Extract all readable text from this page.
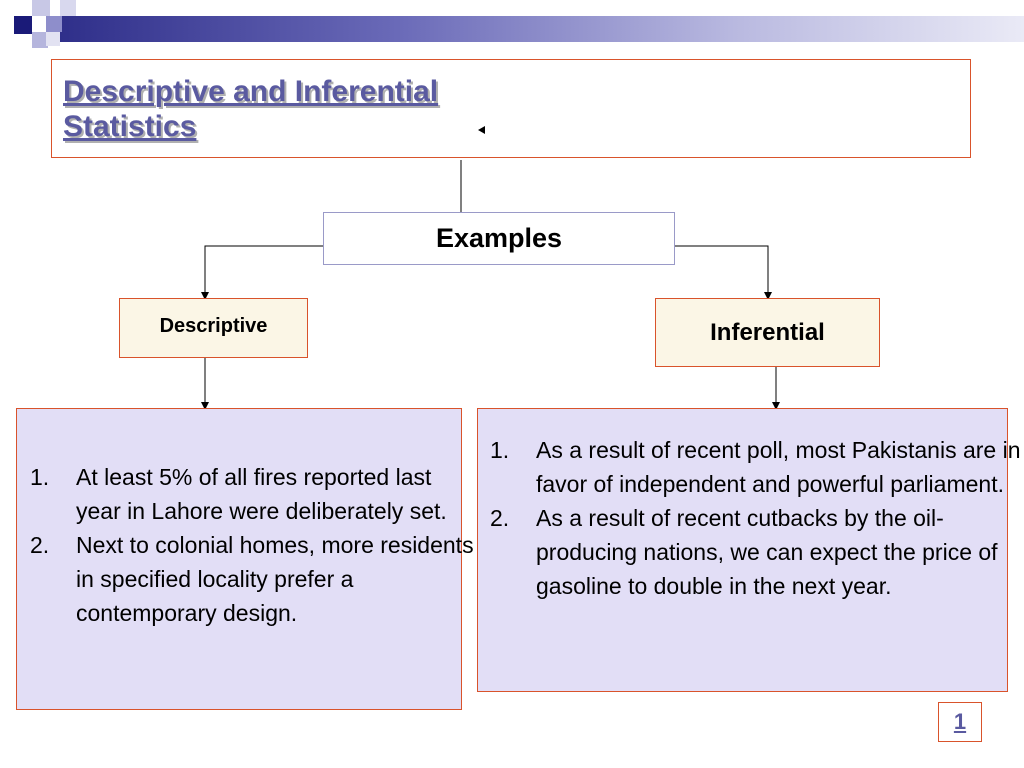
Descriptive and Inferential
Statistics
Examples
Descriptive	Inferential
1. At least 5% of all fires reported last year in Lahore were deliberately set.
2. Next to colonial homes, more residents in specified locality prefer a contemporary design.
1. As a result of recent poll, most Pakistanis are in favor of independent and powerful parliament.
2. As a result of recent cutbacks by the oil-producing nations, we can expect the price of gasoline to double in the next year.
1
